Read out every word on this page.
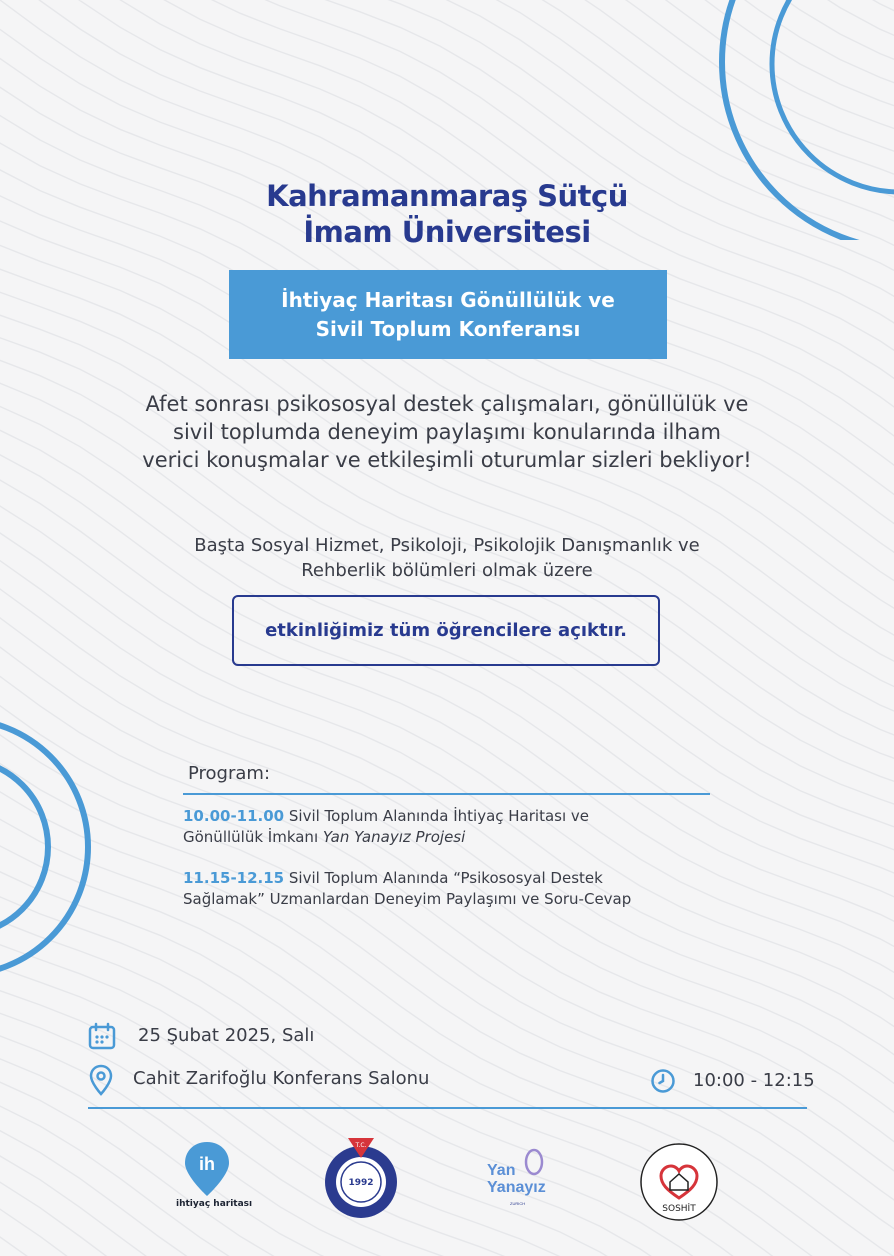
Kahramanmaraş Sütçü
İmam Üniversitesi
İhtiyaç Haritası Gönüllülük ve
Sivil Toplum Konferansı
Afet sonrası psikososyal destek çalışmaları, gönüllülük ve
sivil toplumda deneyim paylaşımı konularında ilham
verici konuşmalar ve etkileşimli oturumlar sizleri bekliyor!
Başta Sosyal Hizmet, Psikoloji, Psikolojik Danışmanlık ve
Rehberlik bölümleri olmak üzere
etkinliğimiz tüm öğrencilere açıktır.
Program:
10.00-11.00 Sivil Toplum Alanında İhtiyaç Haritası ve
Gönüllülük İmkanı Yan Yanayız Projesi
11.15-12.15 Sivil Toplum Alanında “Psikososyal Destek
Sağlamak” Uzmanlardan Deneyim Paylaşımı ve Soru-Cevap
25 Şubat 2025, Salı
Cahit Zarifoğlu Konferans Salonu	10:00 - 12:15
ih
ihtiyaç haritası
T.C.
1992
Yan
Yanayız
ZURICH
SOSHİT
